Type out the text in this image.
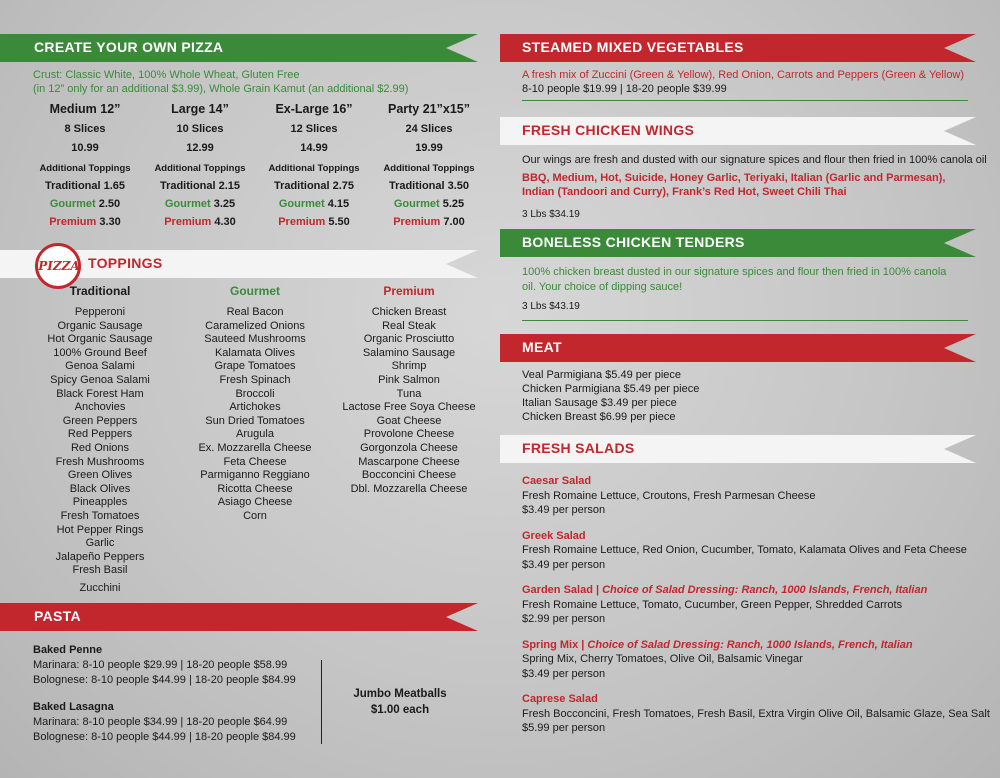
CREATE YOUR OWN PIZZA
Crust: Classic White, 100% Whole Wheat, Gluten Free
(in 12” only for an additional $3.99), Whole Grain Kamut (an additional $2.99)
Medium 12”
8 Slices
10.99
Additional Toppings
Traditional 1.65
Gourmet 2.50
Premium 3.30
Large 14”
10 Slices
12.99
Additional Toppings
Traditional 2.15
Gourmet 3.25
Premium 4.30
Ex-Large 16”
12 Slices
14.99
Additional Toppings
Traditional 2.75
Gourmet 4.15
Premium 5.50
Party 21”x15”
24 Slices
19.99
Additional Toppings
Traditional 3.50
Gourmet 5.25
Premium 7.00
TOPPINGS
PIZZA
Traditional
Pepperoni
Organic Sausage
Hot Organic Sausage
100% Ground Beef
Genoa Salami
Spicy Genoa Salami
Black Forest Ham
Anchovies
Green Peppers
Red Peppers
Red Onions
Fresh Mushrooms
Green Olives
Black Olives
Pineapples
Fresh Tomatoes
Hot Pepper Rings
Garlic
Jalapeño Peppers
Fresh Basil
Zucchini
Gourmet
Real Bacon
Caramelized Onions
Sauteed Mushrooms
Kalamata Olives
Grape Tomatoes
Fresh Spinach
Broccoli
Artichokes
Sun Dried Tomatoes
Arugula
Ex. Mozzarella Cheese
Feta Cheese
Parmiganno Reggiano
Ricotta Cheese
Asiago Cheese
Corn
Premium
Chicken Breast
Real Steak
Organic Prosciutto
Salamino Sausage
Shrimp
Pink Salmon
Tuna
Lactose Free Soya Cheese
Goat Cheese
Provolone Cheese
Gorgonzola Cheese
Mascarpone Cheese
Bocconcini Cheese
Dbl. Mozzarella Cheese
PASTA
Baked Penne
Marinara: 8-10 people $29.99 | 18-20 people $58.99
Bolognese: 8-10 people $44.99 | 18-20 people $84.99
Baked Lasagna
Marinara: 8-10 people $34.99 | 18-20 people $64.99
Bolognese: 8-10 people $44.99 | 18-20 people $84.99
Jumbo Meatballs
$1.00 each
STEAMED MIXED VEGETABLES
A fresh mix of Zuccini (Green & Yellow), Red Onion, Carrots and Peppers (Green & Yellow)
8-10 people $19.99 | 18-20 people $39.99
FRESH CHICKEN WINGS
Our wings are fresh and dusted with our signature spices and flour then fried in 100% canola oil
BBQ, Medium, Hot, Suicide, Honey Garlic, Teriyaki, Italian (Garlic and Parmesan),
Indian (Tandoori and Curry), Frank’s Red Hot, Sweet Chili Thai
3 Lbs $34.19
BONELESS CHICKEN TENDERS
100% chicken breast dusted in our signature spices and flour then fried in 100% canola
oil. Your choice of dipping sauce!
3 Lbs $43.19
MEAT
Veal Parmigiana $5.49 per piece
Chicken Parmigiana $5.49 per piece
Italian Sausage $3.49 per piece
Chicken Breast $6.99 per piece
FRESH SALADS
Caesar Salad
Fresh Romaine Lettuce, Croutons, Fresh Parmesan Cheese
$3.49 per person
Greek Salad
Fresh Romaine Lettuce, Red Onion, Cucumber, Tomato, Kalamata Olives and Feta Cheese
$3.49 per person
Garden Salad | Choice of Salad Dressing: Ranch, 1000 Islands, French, Italian
Fresh Romaine Lettuce, Tomato, Cucumber, Green Pepper, Shredded Carrots
$2.99 per person
Spring Mix | Choice of Salad Dressing: Ranch, 1000 Islands, French, Italian
Spring Mix, Cherry Tomatoes, Olive Oil, Balsamic Vinegar
$3.49 per person
Caprese Salad
Fresh Bocconcini, Fresh Tomatoes, Fresh Basil, Extra Virgin Olive Oil, Balsamic Glaze, Sea Salt
$5.99 per person
